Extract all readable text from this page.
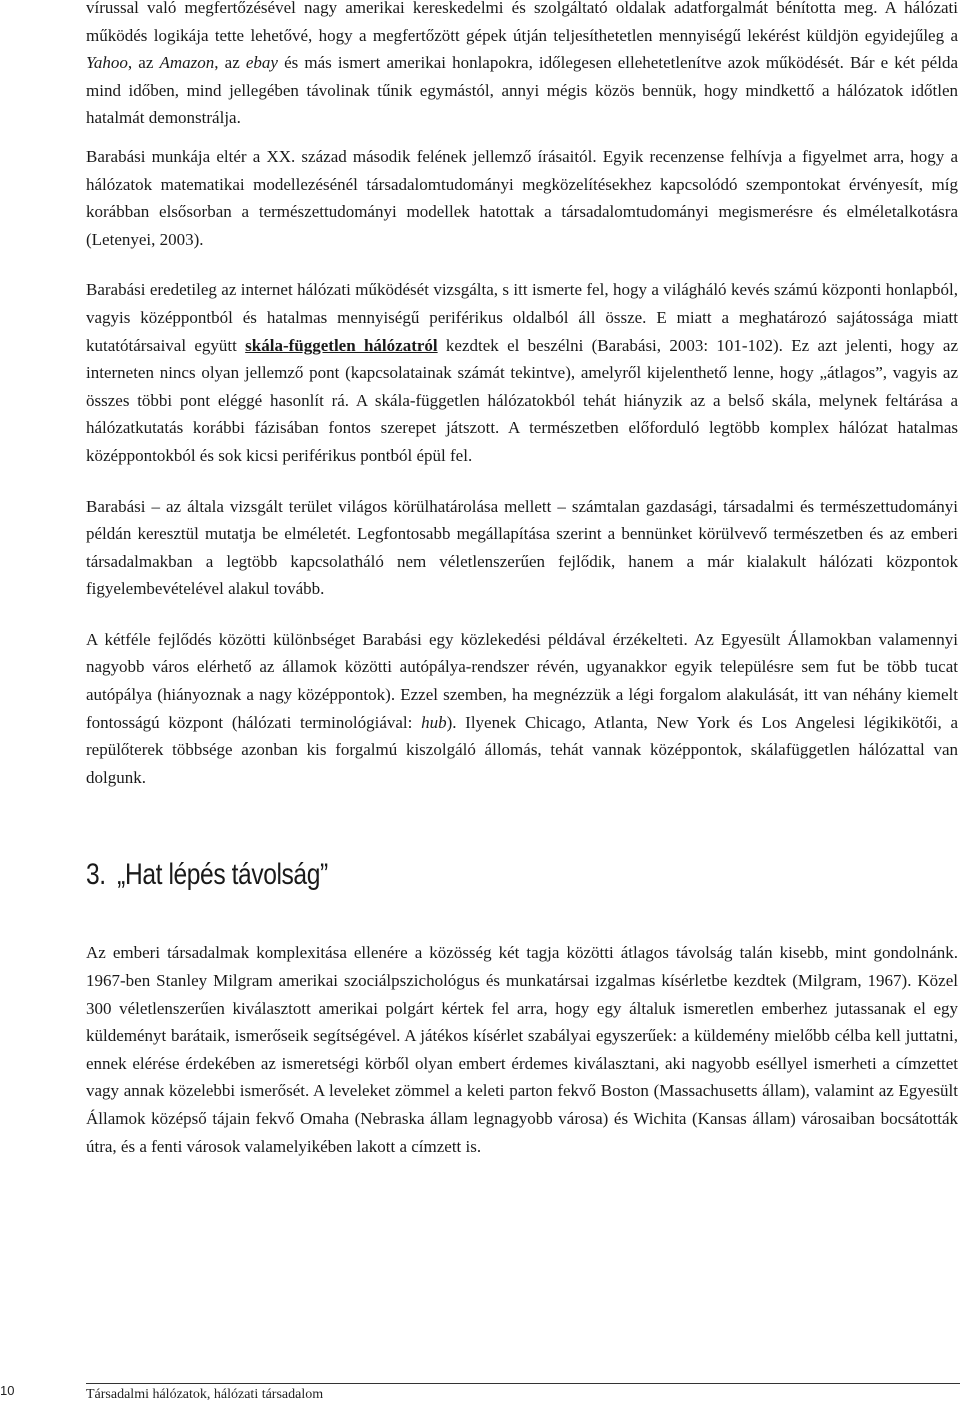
vírussal való megfertőzésével nagy amerikai kereskedelmi és szolgáltató oldalak adatforgalmát bénította meg. A hálózati működés logikája tette lehetővé, hogy a megfertőzött gépek útján teljesíthetetlen mennyiségű lekérést küldjön egyidejűleg a Yahoo, az Amazon, az ebay és más ismert amerikai honlapokra, időlegesen ellehetetlenítve azok működését. Bár e két példa mind időben, mind jellegében távolinak tűnik egymástól, annyi mégis közös bennük, hogy mindkettő a hálózatok időtlen hatalmát demonstrálja.

Barabási munkája eltér a XX. század második felének jellemző írásaitól. Egyik recenzense felhívja a figyelmet arra, hogy a hálózatok matematikai modellezésénél társadalomtudományi megközelítésekhez kapcsolódó szempontokat érvényesít, míg korábban elsősorban a természettudományi modellek hatottak a társadalomtudományi megismerésre és elméletalkotásra (Letenyei, 2003).

Barabási eredetileg az internet hálózati működését vizsgálta, s itt ismerte fel, hogy a világháló kevés számú központi honlapból, vagyis középpontból és hatalmas mennyiségű periférikus oldalból áll össze. E miatt a meghatározó sajátossága miatt kutatótársaival együtt skála-független hálózatról kezdtek el beszélni (Barabási, 2003: 101-102). Ez azt jelenti, hogy az interneten nincs olyan jellemző pont (kapcsolatainak számát tekintve), amelyről kijelenthető lenne, hogy „átlagos”, vagyis az összes többi pont eléggé hasonlít rá. A skála-független hálózatokból tehát hiányzik az a belső skála, melynek feltárása a hálózatkutatás korábbi fázisában fontos szerepet játszott. A természetben előforduló legtöbb komplex hálózat hatalmas középpontokból és sok kicsi periférikus pontból épül fel.

Barabási – az általa vizsgált terület világos körülhatárolása mellett – számtalan gazdasági, társadalmi és természettudományi példán keresztül mutatja be elméletét. Legfontosabb megállapítása szerint a bennünket körülvevő természetben és az emberi társadalmakban a legtöbb kapcsolatháló nem véletlenszerűen fejlődik, hanem a már kialakult hálózati központok figyelembevételével alakul tovább.

A kétféle fejlődés közötti különbséget Barabási egy közlekedési példával érzékelteti. Az Egyesült Államokban valamennyi nagyobb város elérhető az államok közötti autópálya-rendszer révén, ugyanakkor egyik településre sem fut be több tucat autópálya (hiányoznak a nagy középpontok). Ezzel szemben, ha megnézzük a légi forgalom alakulását, itt van néhány kiemelt fontosságú központ (hálózati terminológiával: hub). Ilyenek Chicago, Atlanta, New York és Los Angelesi légikikötői, a repülőterek többsége azonban kis forgalmú kiszolgáló állomás, tehát vannak középpontok, skálafüggetlen hálózattal van dolgunk.

3. „Hat lépés távolság”

Az emberi társadalmak komplexitása ellenére a közösség két tagja közötti átlagos távolság talán kisebb, mint gondolnánk. 1967-ben Stanley Milgram amerikai szociálpszichológus és munkatársai izgalmas kísérletbe kezdtek (Milgram, 1967). Közel 300 véletlenszerűen kiválasztott amerikai polgárt kértek fel arra, hogy egy általuk ismeretlen emberhez jutassanak el egy küldeményt barátaik, ismerőseik segítségével. A játékos kísérlet szabályai egyszerűek: a küldemény mielőbb célba kell juttatni, ennek elérése érdekében az ismeretségi körből olyan embert érdemes kiválasztani, aki nagyobb eséllyel ismerheti a címzettet vagy annak közelebbi ismerősét. A leveleket zömmel a keleti parton fekvő Boston (Massachusetts állam), valamint az Egyesült Államok középső tájain fekvő Omaha (Nebraska állam legnagyobb városa) és Wichita (Kansas állam) városaiban bocsátották útra, és a fenti városok valamelyikében lakott a címzett is.

10	Társadalmi hálózatok, hálózati társadalom
